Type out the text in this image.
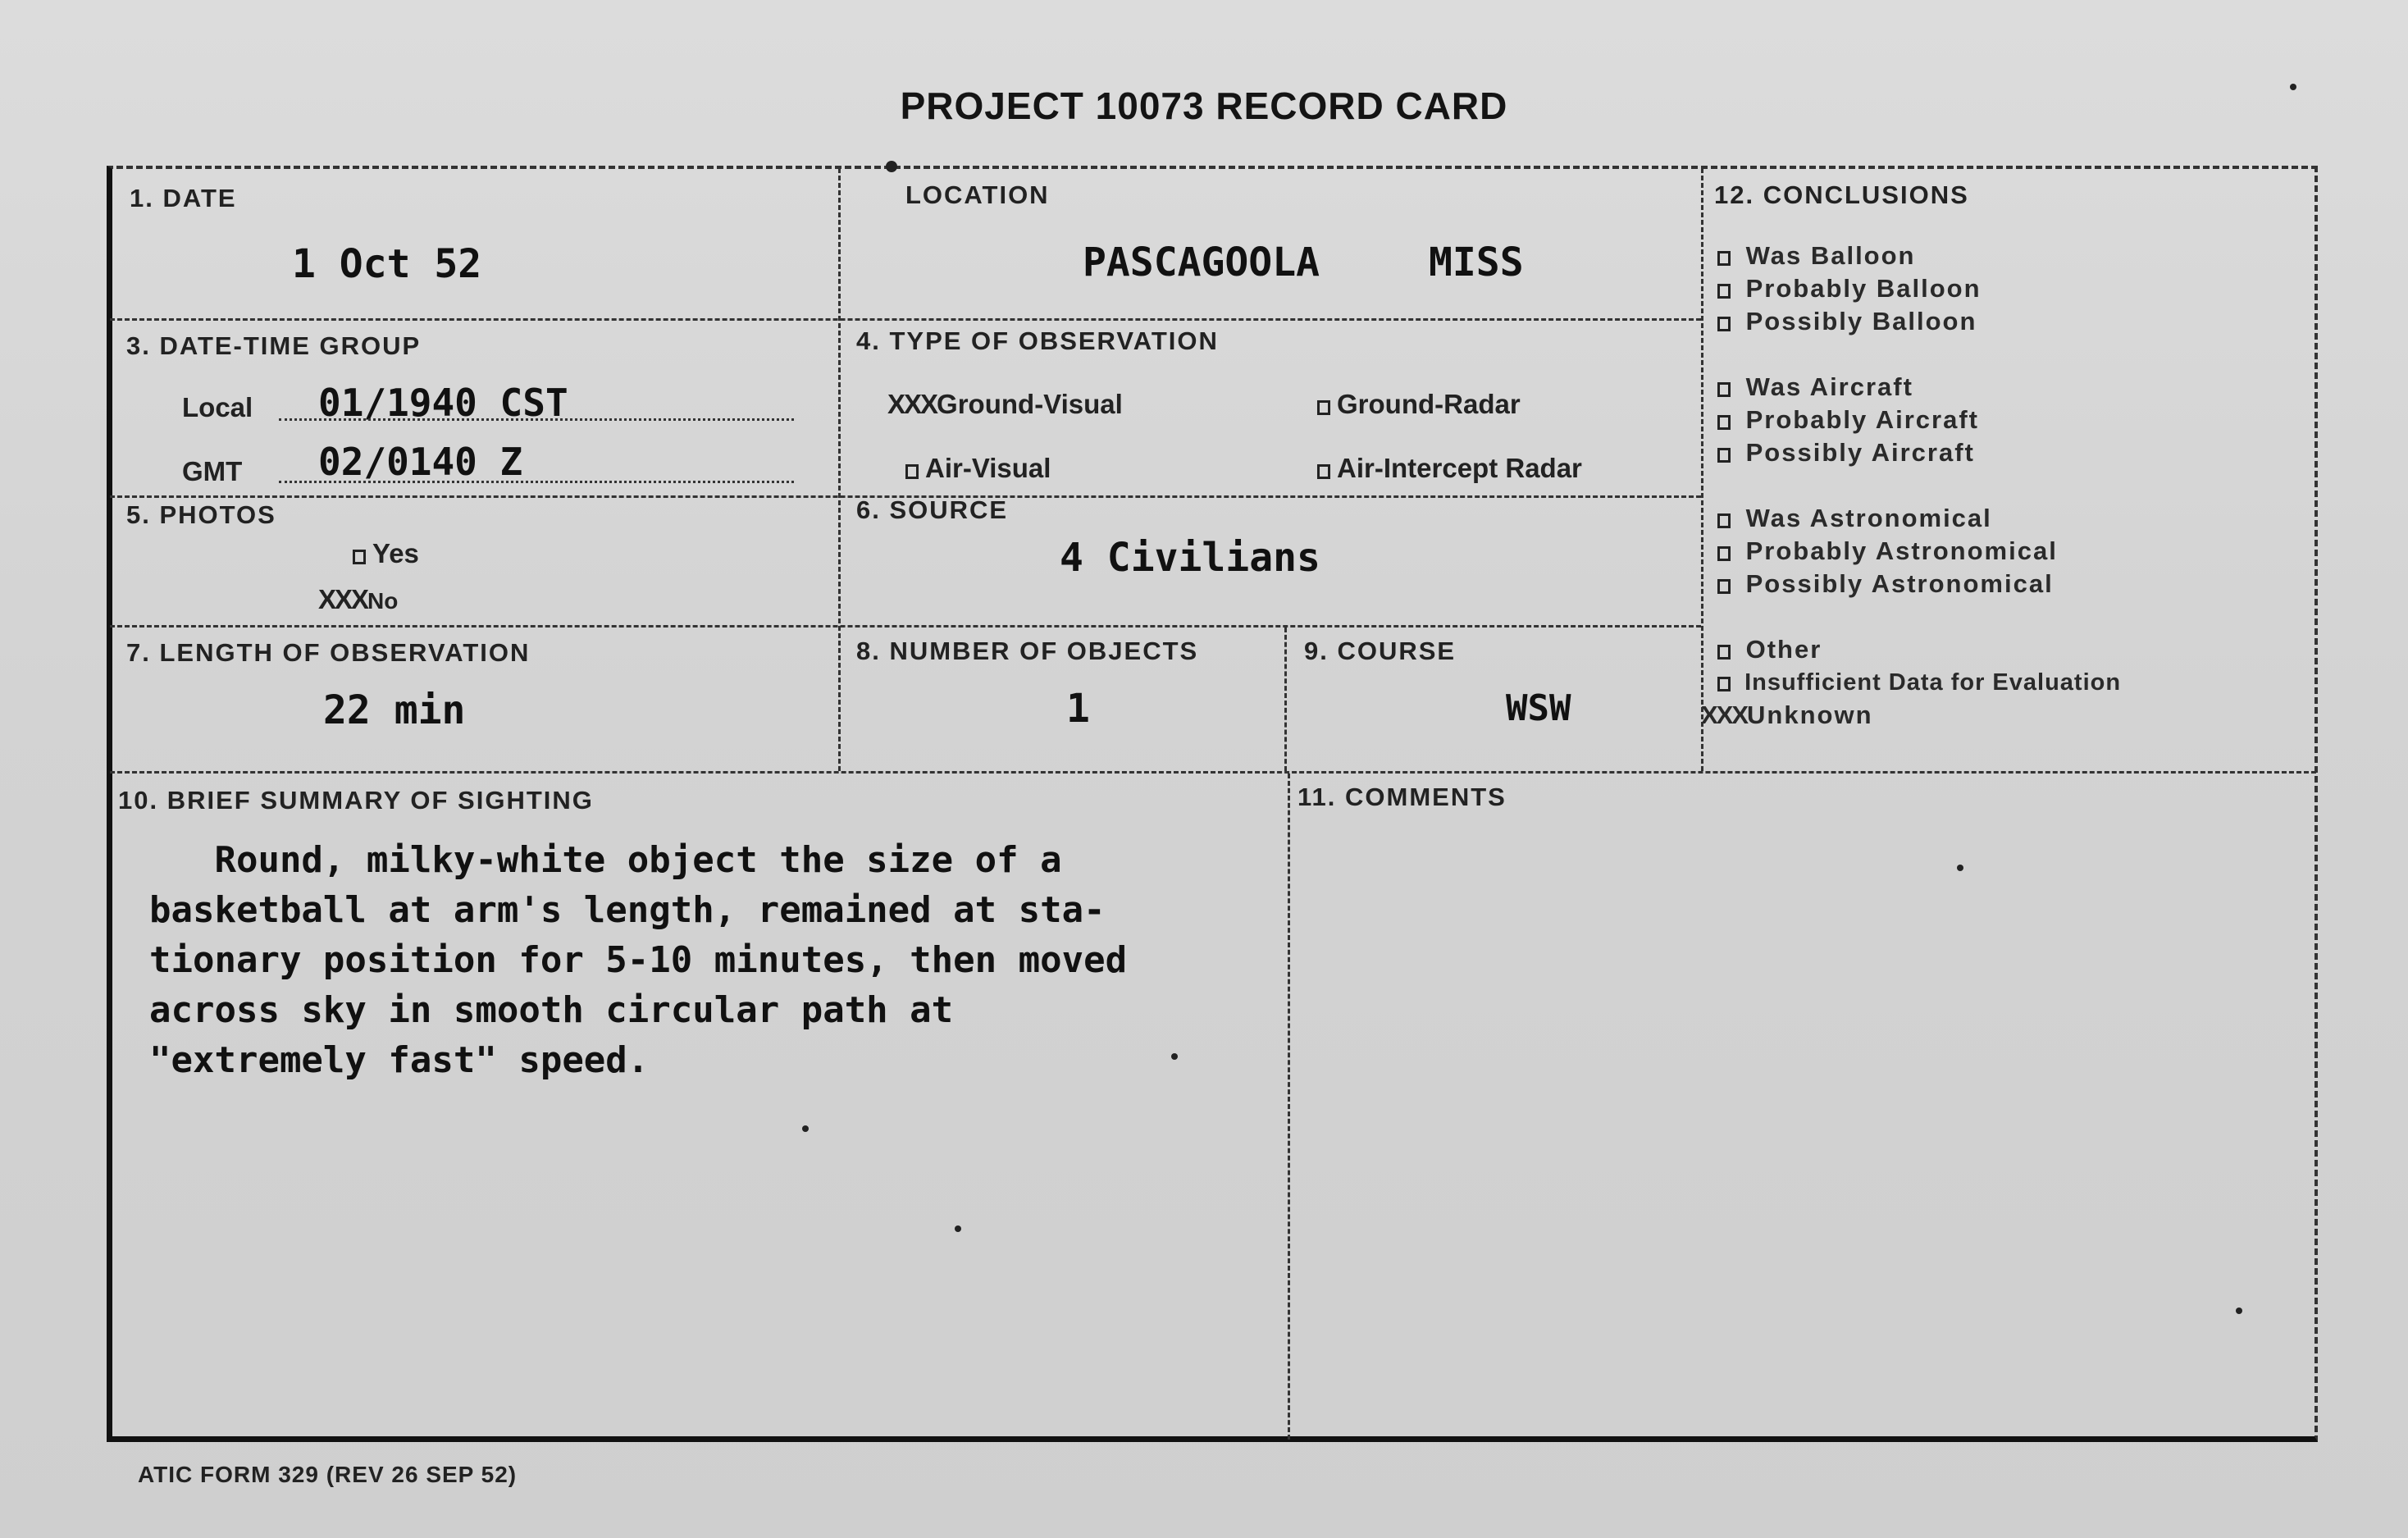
PROJECT 10073 RECORD CARD
1. DATE
1 Oct 52
LOCATION
PASCAGOOLA	MISS
3. DATE-TIME GROUP
Local 01/1940 CST
GMT 02/0140 Z
4. TYPE OF OBSERVATION
XXXGround-Visual	Ground-Radar
Air-Visual	Air-Intercept Radar
5. PHOTOS
Yes
XXXNo
6. SOURCE
4 Civilians
7. LENGTH OF OBSERVATION
22 min
8. NUMBER OF OBJECTS
1
9. COURSE
WSW
10. BRIEF SUMMARY OF SIGHTING
Round, milky-white object the size of a
basketball at arm's length, remained at sta-
tionary position for 5-10 minutes, then moved
across sky in smooth circular path at
"extremely fast" speed.
11. COMMENTS
12. CONCLUSIONS
Was Balloon
Probably Balloon
Possibly Balloon
Was Aircraft
Probably Aircraft
Possibly Aircraft
Was Astronomical
Probably Astronomical
Possibly Astronomical
Other
Insufficient Data for Evaluation
XXXUnknown
ATIC FORM 329 (REV 26 SEP 52)
